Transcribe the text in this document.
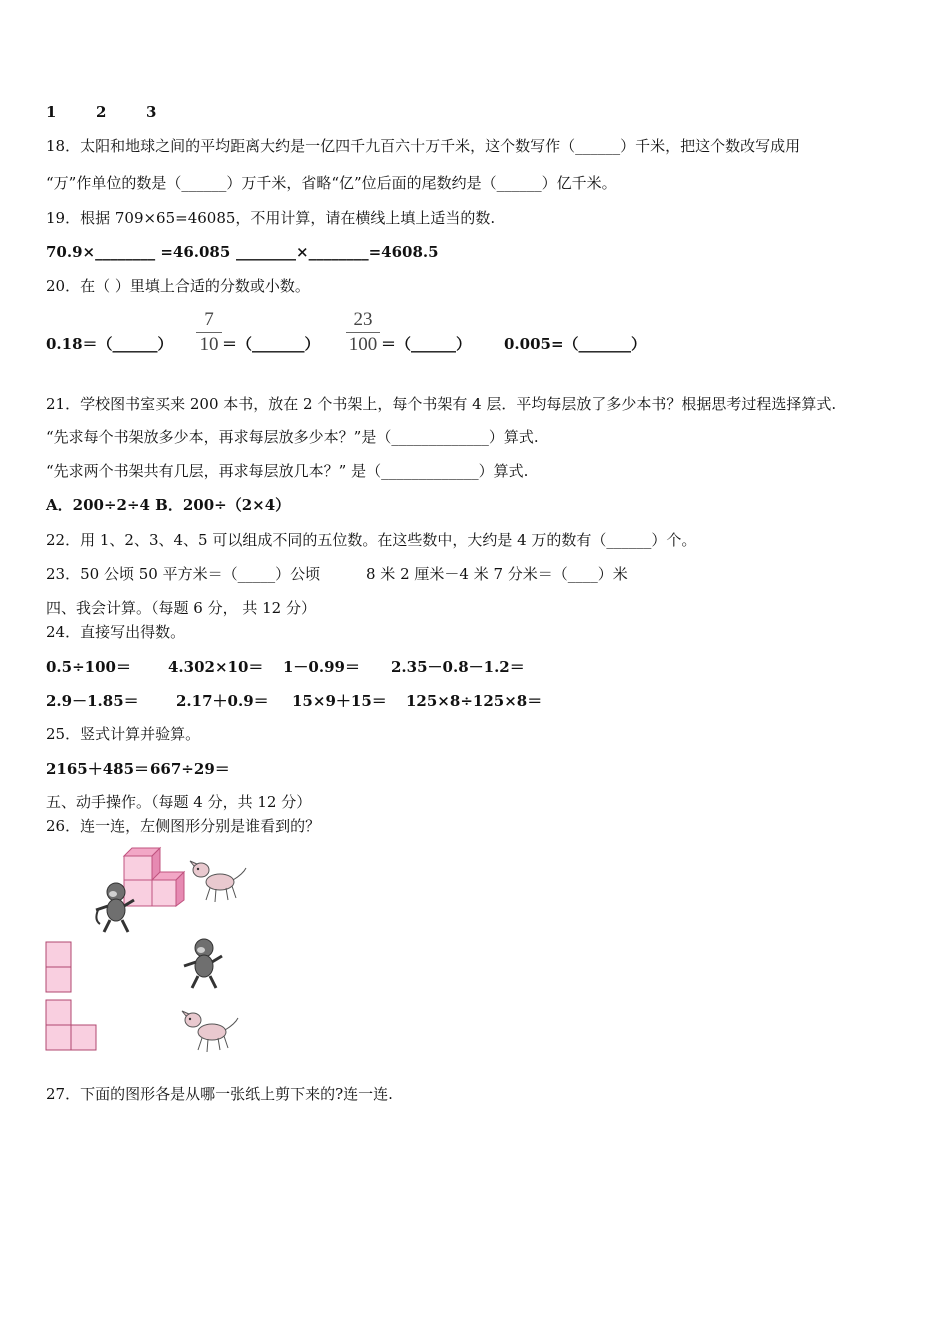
1	2	3
18．太阳和地球之间的平均距离大约是一亿四千九百六十万千米，这个数写作（______）千米，把这个数改写成用
“万”作单位的数是（______）万千米，省略“亿”位后面的尾数约是（______）亿千米。
19．根据 709×65=46085，不用计算，请在横线上填上适当的数.
70.9×________ =46.085 ________×________=4608.5
20．在（ ）里填上合适的分数或小数。
0.18＝（______）
7
10 ＝（_______）
23
100 ＝（______） 0.005=（_______）
21．学校图书室买来 200 本书，放在 2 个书架上，每个书架有 4 层．平均每层放了多少本书？根据思考过程选择算式.
“先求每个书架放多少本，再求每层放多少本？”是（_____________）算式.
“先求两个书架共有几层，再求每层放几本？” 是（_____________）算式.
A．200÷2÷4 B．200÷（2×4）
22．用 1、2、3、4、5 可以组成不同的五位数。在这些数中，大约是 4 万的数有（______）个。
23．50 公顷 50 平方米＝（_____）公顷	8 米 2 厘米－4 米 7 分米＝（____）米
四、我会计算。（每题 6 分， 共 12 分）
24．直接写出得数。
0.5÷100＝ 4.302×10＝ 1－0.99＝ 2.35－0.8－1.2＝
2.9－1.85＝ 2.17＋0.9＝ 15×9＋15＝ 125×8÷125×8＝
25．竖式计算并验算。
2165＋485＝ 667÷29＝
五、动手操作。（每题 4 分，共 12 分）
26．连一连，左侧图形分别是谁看到的？
27．下面的图形各是从哪一张纸上剪下来的?连一连.
